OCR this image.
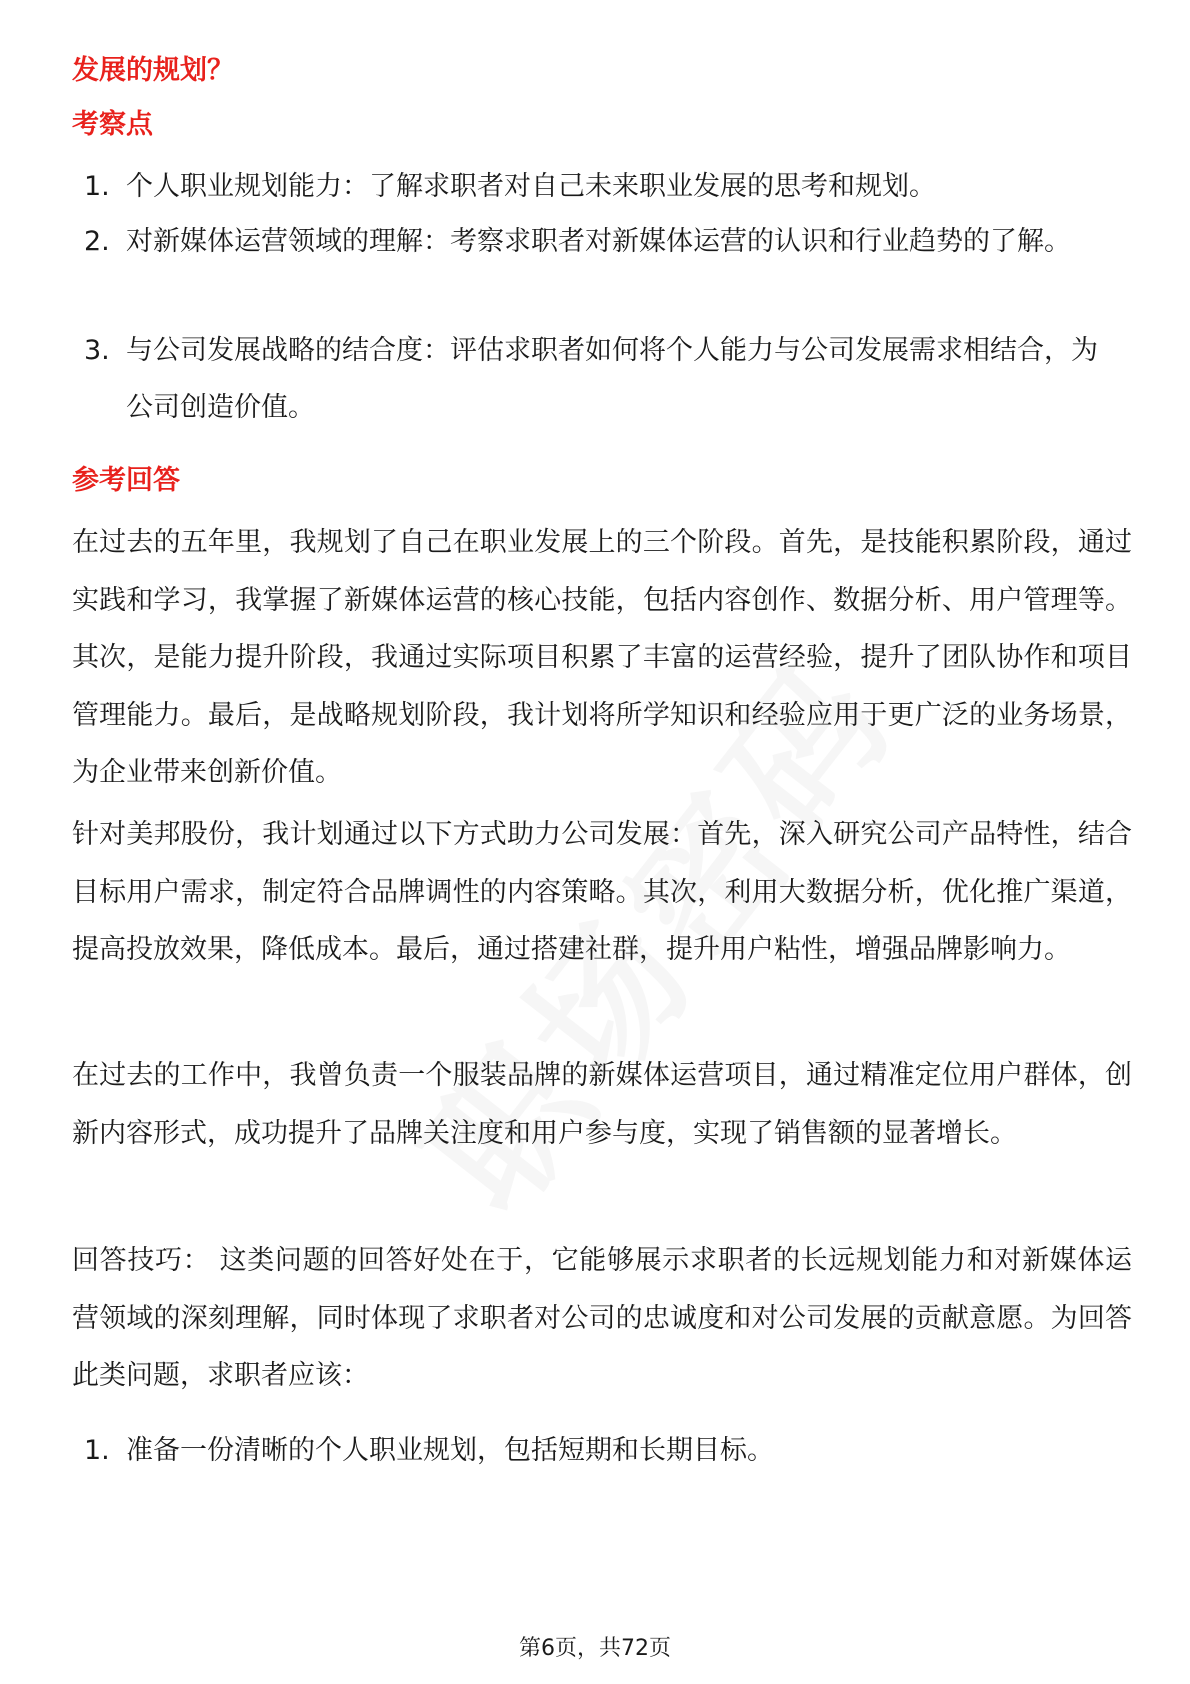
发展的规划？
考察点
1. 个人职业规划能力：了解求职者对自己未来职业发展的思考和规划。
2. 对新媒体运营领域的理解：考察求职者对新媒体运营的认识和行业趋势的了解。
3. 与公司发展战略的结合度：评估求职者如何将个人能力与公司发展需求相结合，为公司创造价值。
参考回答
在过去的五年里，我规划了自己在职业发展上的三个阶段。首先，是技能积累阶段，通过实践和学习，我掌握了新媒体运营的核心技能，包括内容创作、数据分析、用户管理等。其次，是能力提升阶段，我通过实际项目积累了丰富的运营经验，提升了团队协作和项目管理能力。最后，是战略规划阶段，我计划将所学知识和经验应用于更广泛的业务场景，为企业带来创新价值。
针对美邦股份，我计划通过以下方式助力公司发展：首先，深入研究公司产品特性，结合目标用户需求，制定符合品牌调性的内容策略。其次，利用大数据分析，优化推广渠道，提高投放效果，降低成本。最后，通过搭建社群，提升用户粘性，增强品牌影响力。
在过去的工作中，我曾负责一个服装品牌的新媒体运营项目，通过精准定位用户群体，创新内容形式，成功提升了品牌关注度和用户参与度，实现了销售额的显著增长。
回答技巧： 这类问题的回答好处在于，它能够展示求职者的长远规划能力和对新媒体运营领域的深刻理解，同时体现了求职者对公司的忠诚度和对公司发展的贡献意愿。为回答此类问题，求职者应该：
1. 准备一份清晰的个人职业规划，包括短期和长期目标。
第6页，共72页
